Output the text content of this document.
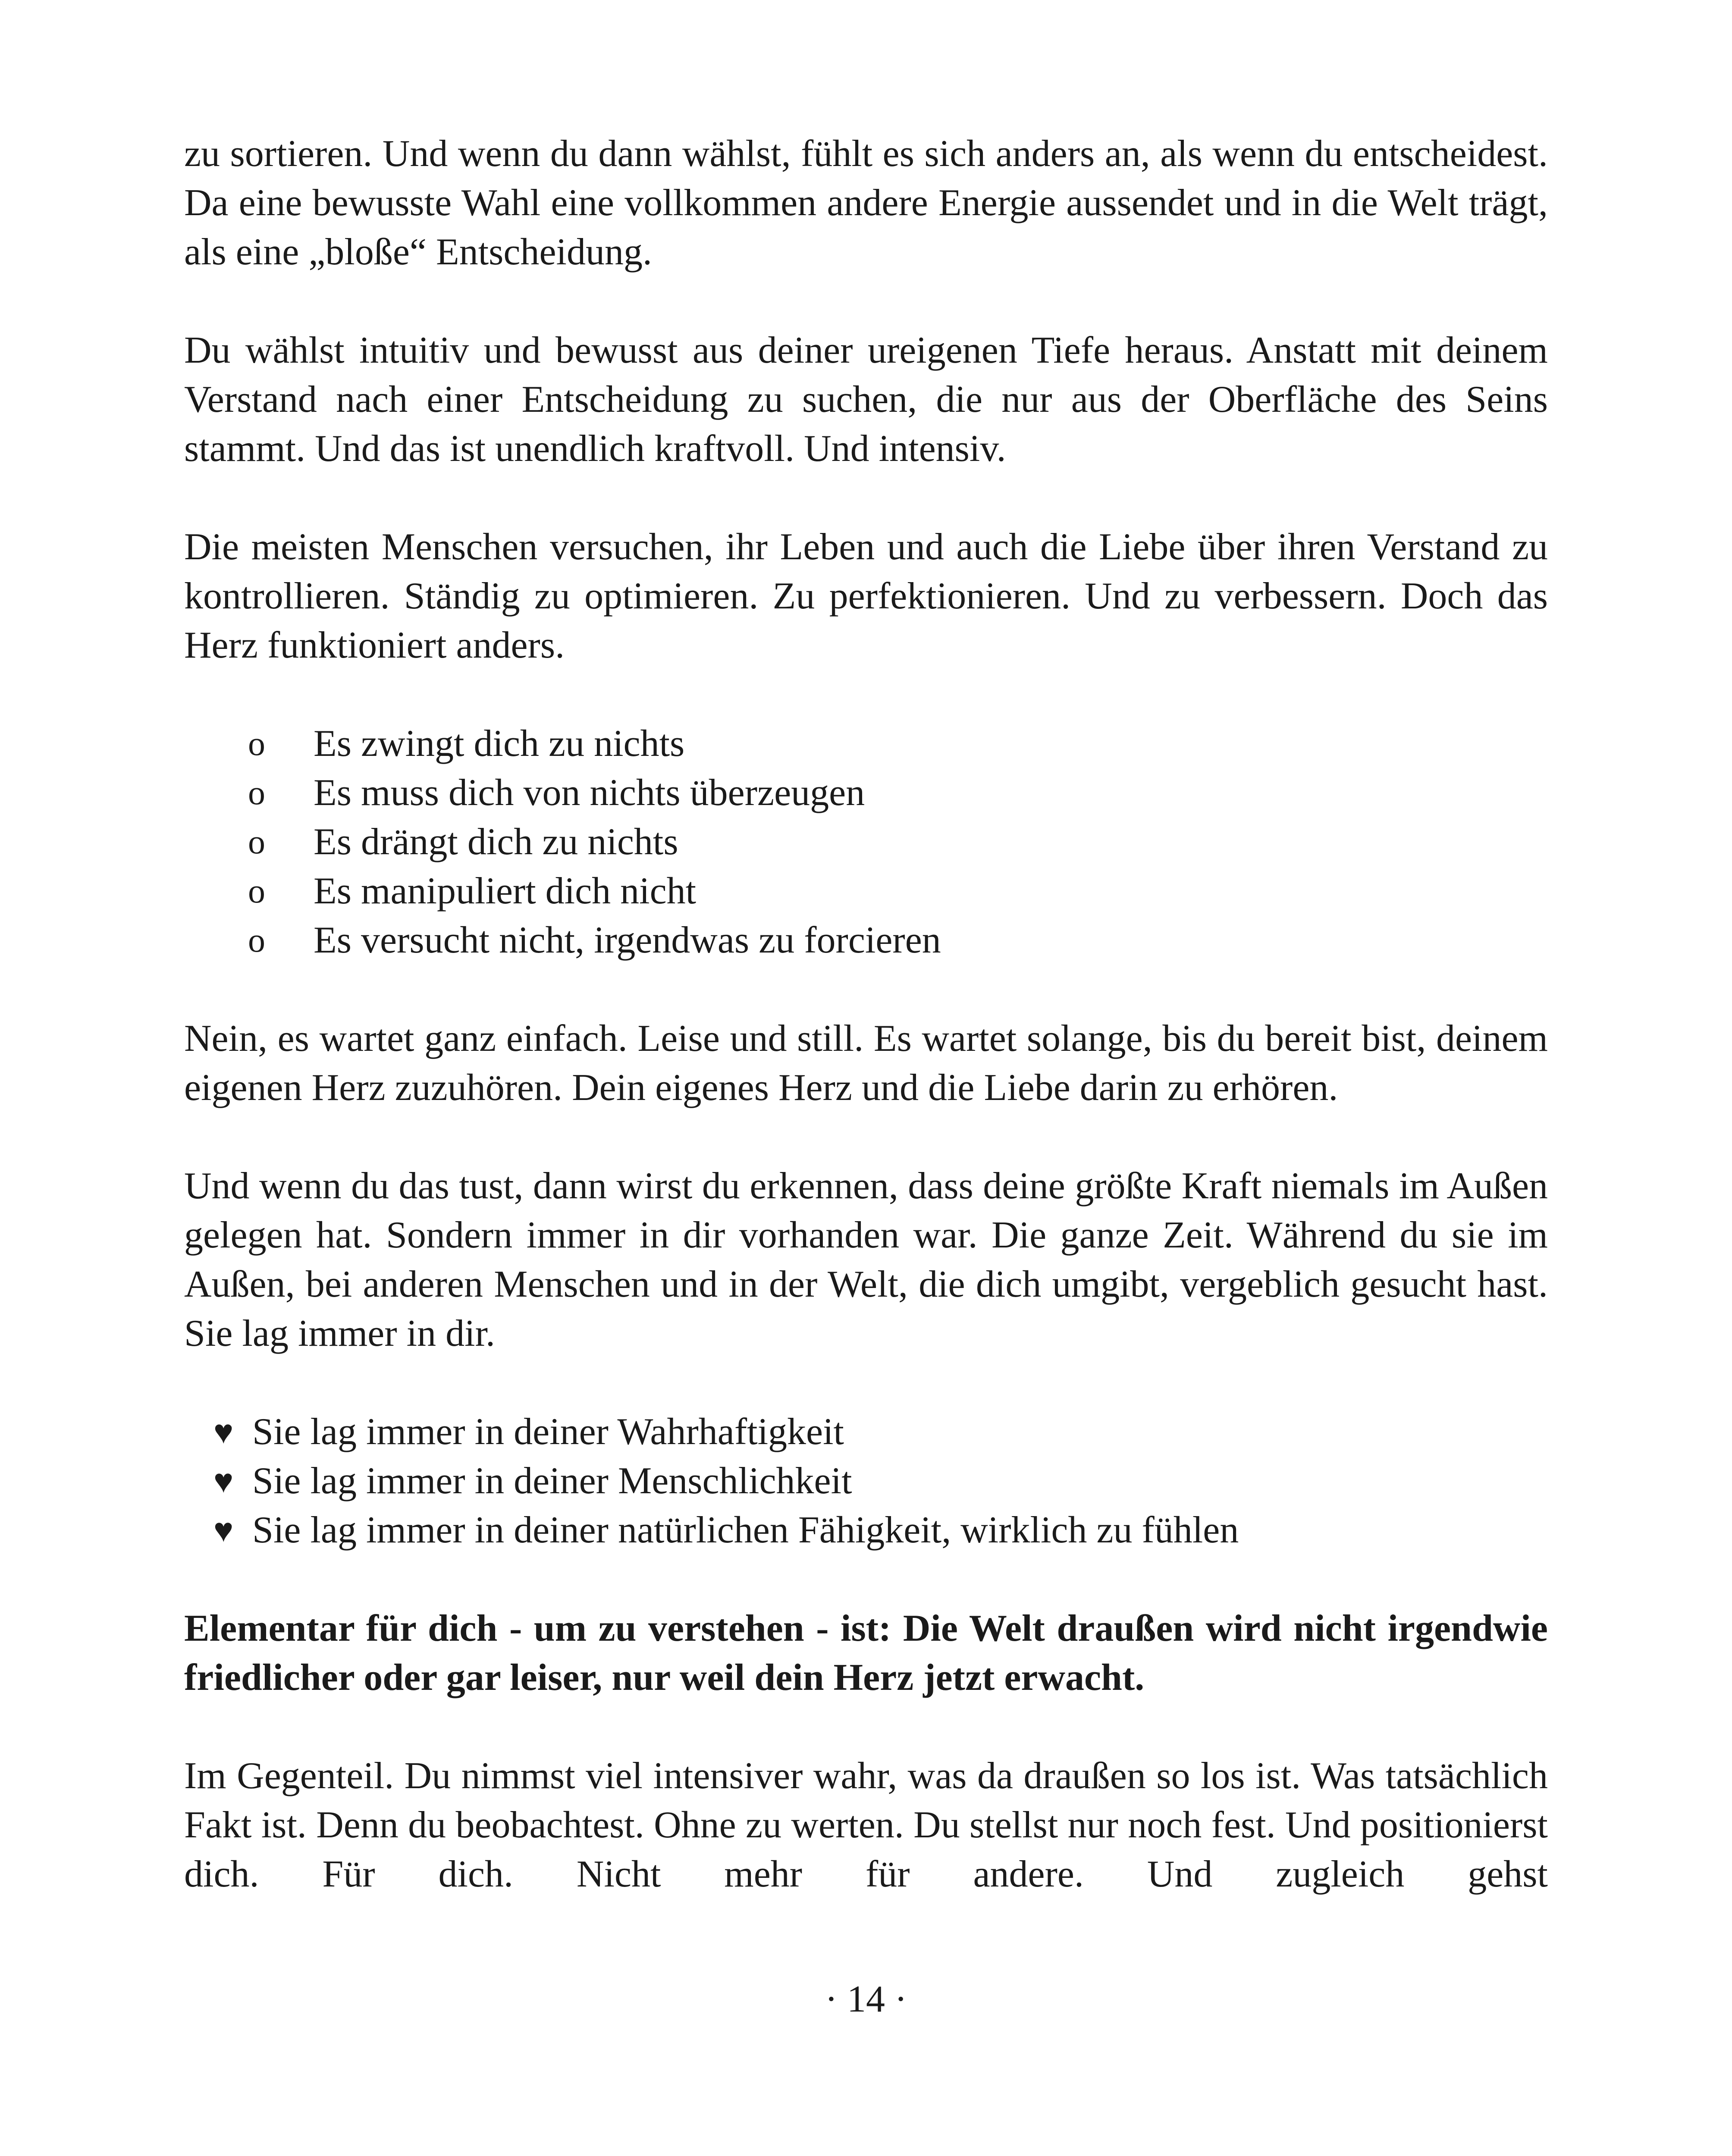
zu sortieren. Und wenn du dann wählst, fühlt es sich anders an, als wenn du entscheidest. Da eine bewusste Wahl eine vollkommen andere Energie aussendet und in die Welt trägt, als eine „bloße“ Entscheidung.

Du wählst intuitiv und bewusst aus deiner ureigenen Tiefe heraus. Anstatt mit deinem Verstand nach einer Entscheidung zu suchen, die nur aus der Oberfläche des Seins stammt. Und das ist unendlich kraftvoll. Und intensiv.

Die meisten Menschen versuchen, ihr Leben und auch die Liebe über ihren Verstand zu kontrollieren. Ständig zu optimieren. Zu perfektionieren. Und zu verbessern. Doch das Herz funktioniert anders.

o Es zwingt dich zu nichts
o Es muss dich von nichts überzeugen
o Es drängt dich zu nichts
o Es manipuliert dich nicht
o Es versucht nicht, irgendwas zu forcieren

Nein, es wartet ganz einfach. Leise und still. Es wartet solange, bis du bereit bist, deinem eigenen Herz zuzuhören. Dein eigenes Herz und die Liebe darin zu erhören.

Und wenn du das tust, dann wirst du erkennen, dass deine größte Kraft niemals im Außen gelegen hat. Sondern immer in dir vorhanden war. Die ganze Zeit. Während du sie im Außen, bei anderen Menschen und in der Welt, die dich umgibt, vergeblich gesucht hast. Sie lag immer in dir.

♥ Sie lag immer in deiner Wahrhaftigkeit
♥ Sie lag immer in deiner Menschlichkeit
♥ Sie lag immer in deiner natürlichen Fähigkeit, wirklich zu fühlen

Elementar für dich - um zu verstehen - ist: Die Welt draußen wird nicht irgendwie friedlicher oder gar leiser, nur weil dein Herz jetzt erwacht.

Im Gegenteil. Du nimmst viel intensiver wahr, was da draußen so los ist. Was tatsächlich Fakt ist. Denn du beobachtest. Ohne zu werten. Du stellst nur noch fest. Und positionierst dich. Für dich. Nicht mehr für andere. Und zugleich gehst

· 14 ·
